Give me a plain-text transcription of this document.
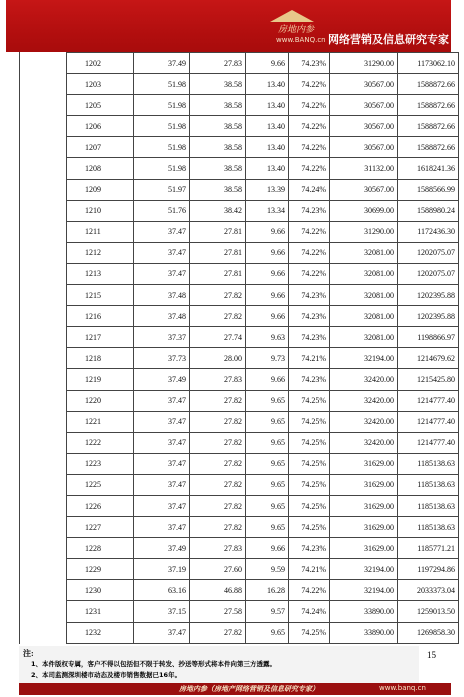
房地内参
www.BANQ.cn 网络营销及信息研究专家
	1202	37.49	27.83	9.66	74.23%	31290.00	1173062.10
	1203	51.98	38.58	13.40	74.22%	30567.00	1588872.66
	1205	51.98	38.58	13.40	74.22%	30567.00	1588872.66
	1206	51.98	38.58	13.40	74.22%	30567.00	1588872.66
	1207	51.98	38.58	13.40	74.22%	30567.00	1588872.66
	1208	51.98	38.58	13.40	74.22%	31132.00	1618241.36
	1209	51.97	38.58	13.39	74.24%	30567.00	1588566.99
	1210	51.76	38.42	13.34	74.23%	30699.00	1588980.24
	1211	37.47	27.81	9.66	74.22%	31290.00	1172436.30
	1212	37.47	27.81	9.66	74.22%	32081.00	1202075.07
	1213	37.47	27.81	9.66	74.22%	32081.00	1202075.07
	1215	37.48	27.82	9.66	74.23%	32081.00	1202395.88
	1216	37.48	27.82	9.66	74.23%	32081.00	1202395.88
	1217	37.37	27.74	9.63	74.23%	32081.00	1198866.97
	1218	37.73	28.00	9.73	74.21%	32194.00	1214679.62
	1219	37.49	27.83	9.66	74.23%	32420.00	1215425.80
	1220	37.47	27.82	9.65	74.25%	32420.00	1214777.40
	1221	37.47	27.82	9.65	74.25%	32420.00	1214777.40
	1222	37.47	27.82	9.65	74.25%	32420.00	1214777.40
	1223	37.47	27.82	9.65	74.25%	31629.00	1185138.63
	1225	37.47	27.82	9.65	74.25%	31629.00	1185138.63
	1226	37.47	27.82	9.65	74.25%	31629.00	1185138.63
	1227	37.47	27.82	9.65	74.25%	31629.00	1185138.63
	1228	37.49	27.83	9.66	74.23%	31629.00	1185771.21
	1229	37.19	27.60	9.59	74.21%	32194.00	1197294.86
	1230	63.16	46.88	16.28	74.22%	32194.00	2033373.04
	1231	37.15	27.58	9.57	74.24%	33890.00	1259013.50
	1232	37.47	27.82	9.65	74.25%	33890.00	1269858.30
注:
1、本件版权专属，客户不得以包括但不限于转发、抄送等形式将本件向第三方透露。
2、本司监测深圳楼市动态及楼市销售数据已16年。
15
房地内参（房地产网络营销及信息研究专家）	www.banq.cn
